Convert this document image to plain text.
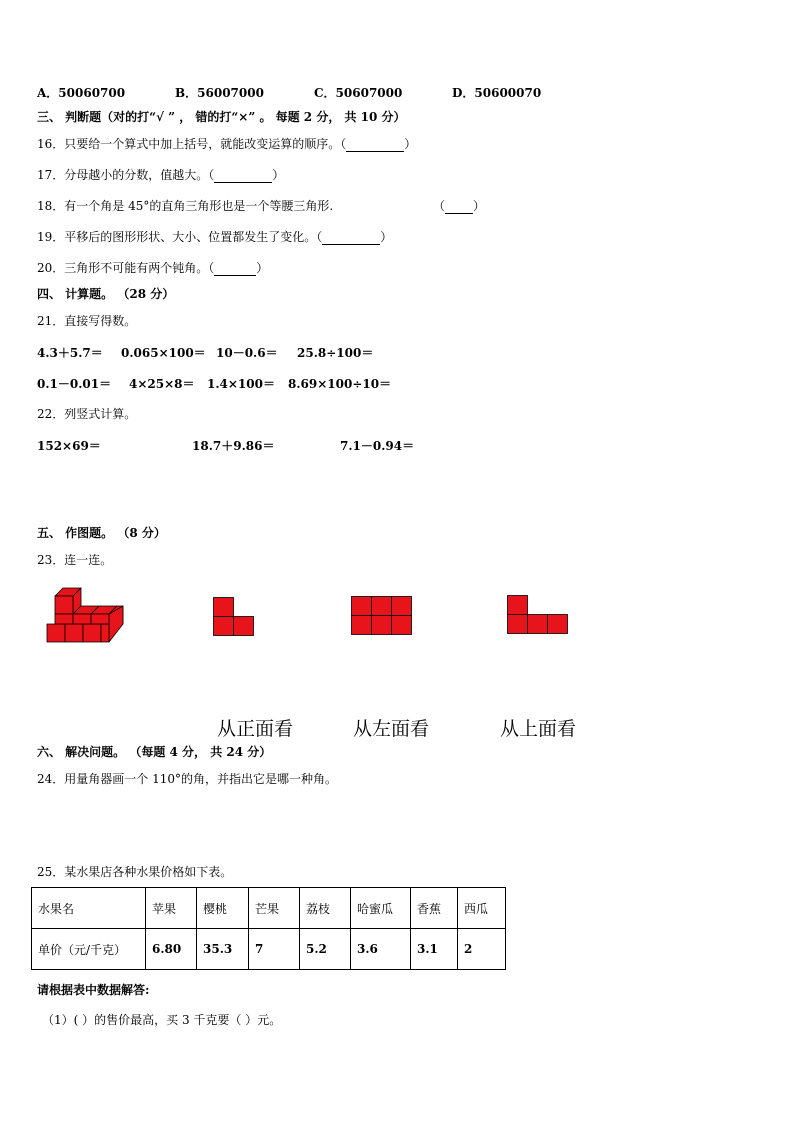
A．50060700	B．56007000	C．50607000	D．50600070
三、 判断题（对的打“√ ” ， 错的打“×” 。 每题 2 分， 共 10 分）
16．只要给一个算式中加上括号，就能改变运算的顺序。（	）
17．分母越小的分数，值越大。（	）
18．有一个角是 45°的直角三角形也是一个等腰三角形.	（ ）
19．平移后的图形形状、大小、位置都发生了变化。（	）
20．三角形不可能有两个钝角。（	）
四、 计算题。 （28 分）
21．直接写得数。
4.3＋5.7＝ 0.065×100＝ 10－0.6＝ 25.8÷100＝
0.1－0.01＝ 4×25×8＝ 1.4×100＝ 8.69×100÷10＝
22．列竖式计算。
152×69＝	18.7＋9.86＝	7.1－0.94＝
五、 作图题。 （8 分）
23．连一连。
从正面看	从左面看	从上面看
六、 解决问题。 （每题 4 分， 共 24 分）
24．用量角器画一个 110°的角，并指出它是哪一种角。
25．某水果店各种水果价格如下表。
水果名	苹果	樱桃	芒果	荔枝	哈蜜瓜	香蕉	西瓜
单价（元/千克）	6.80	35.3	7	5.2	3.6	3.1	2
请根据表中数据解答:
（1）( ）的售价最高，买 3 千克要（ ）元。
